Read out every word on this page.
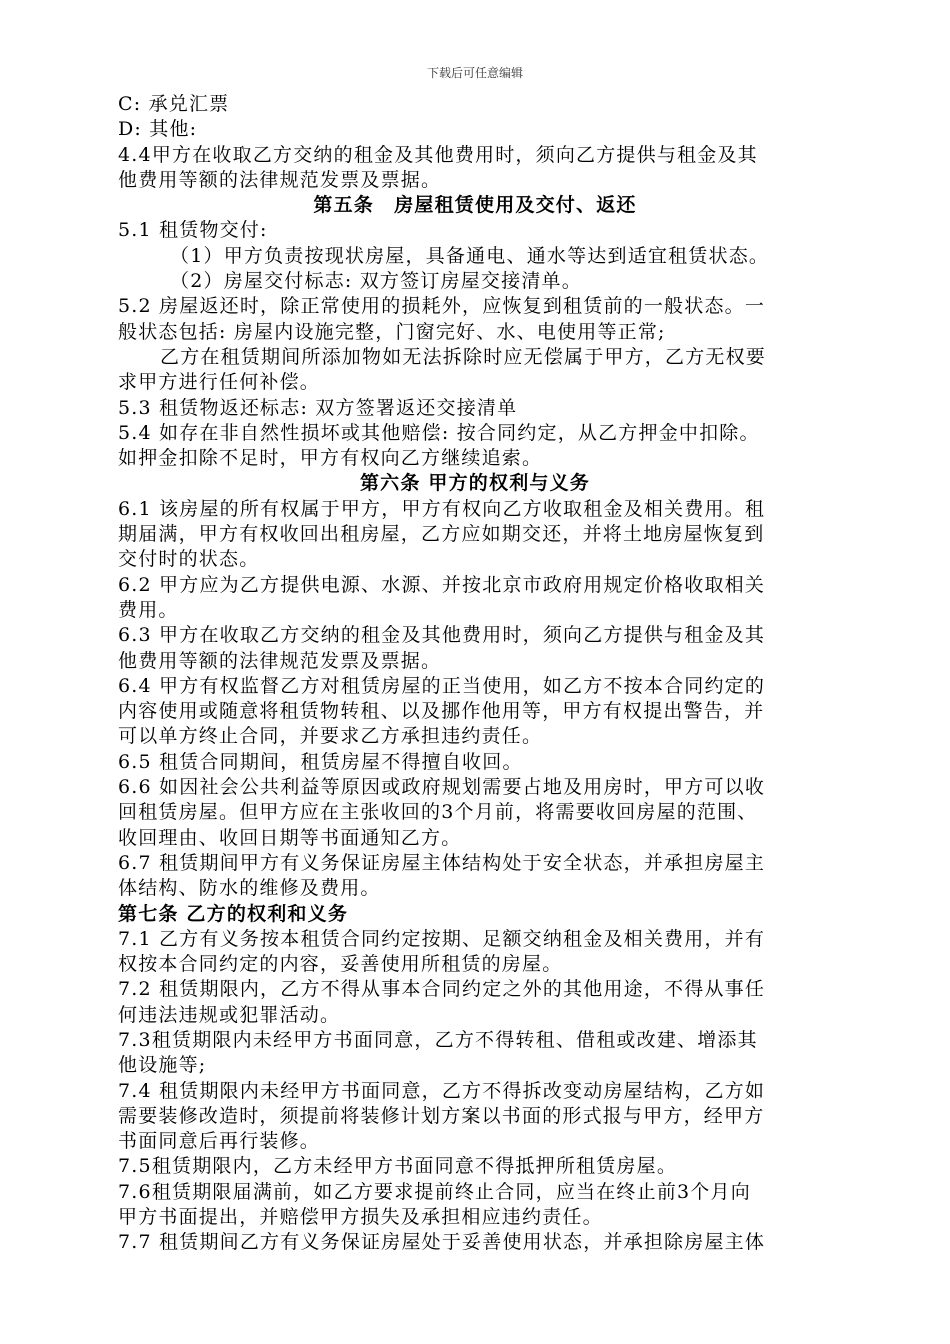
下载后可任意编辑
C: 承兑汇票
D: 其他:
4.4甲方在收取乙方交纳的租金及其他费用时，须向乙方提供与租金及其
他费用等额的法律规范发票及票据。
第五条　房屋租赁使用及交付、返还
5.1 租赁物交付:
（1）甲方负责按现状房屋，具备通电、通水等达到适宜租赁状态。
（2）房屋交付标志: 双方签订房屋交接清单。
5.2 房屋返还时，除正常使用的损耗外，应恢复到租赁前的一般状态。一
般状态包括: 房屋内设施完整，门窗完好、水、电使用等正常;
乙方在租赁期间所添加物如无法拆除时应无偿属于甲方，乙方无权要
求甲方进行任何补偿。
5.3 租赁物返还标志: 双方签署返还交接清单
5.4 如存在非自然性损坏或其他赔偿: 按合同约定，从乙方押金中扣除。
如押金扣除不足时，甲方有权向乙方继续追索。
第六条 甲方的权利与义务
6.1 该房屋的所有权属于甲方，甲方有权向乙方收取租金及相关费用。租
期届满，甲方有权收回出租房屋，乙方应如期交还，并将土地房屋恢复到
交付时的状态。
6.2 甲方应为乙方提供电源、水源、并按北京市政府用规定价格收取相关
费用。
6.3 甲方在收取乙方交纳的租金及其他费用时，须向乙方提供与租金及其
他费用等额的法律规范发票及票据。
6.4 甲方有权监督乙方对租赁房屋的正当使用，如乙方不按本合同约定的
内容使用或随意将租赁物转租、以及挪作他用等，甲方有权提出警告，并
可以单方终止合同，并要求乙方承担违约责任。
6.5 租赁合同期间，租赁房屋不得擅自收回。
6.6 如因社会公共利益等原因或政府规划需要占地及用房时，甲方可以收
回租赁房屋。但甲方应在主张收回的3个月前，将需要收回房屋的范围、
收回理由、收回日期等书面通知乙方。
6.7 租赁期间甲方有义务保证房屋主体结构处于安全状态，并承担房屋主
体结构、防水的维修及费用。
第七条 乙方的权利和义务
7.1 乙方有义务按本租赁合同约定按期、足额交纳租金及相关费用，并有
权按本合同约定的内容，妥善使用所租赁的房屋。
7.2 租赁期限内，乙方不得从事本合同约定之外的其他用途，不得从事任
何违法违规或犯罪活动。
7.3租赁期限内未经甲方书面同意，乙方不得转租、借租或改建、增添其
他设施等;
7.4 租赁期限内未经甲方书面同意，乙方不得拆改变动房屋结构，乙方如
需要装修改造时，须提前将装修计划方案以书面的形式报与甲方，经甲方
书面同意后再行装修。
7.5租赁期限内，乙方未经甲方书面同意不得抵押所租赁房屋。
7.6租赁期限届满前，如乙方要求提前终止合同，应当在终止前3个月向
甲方书面提出，并赔偿甲方损失及承担相应违约责任。
7.7 租赁期间乙方有义务保证房屋处于妥善使用状态，并承担除房屋主体
